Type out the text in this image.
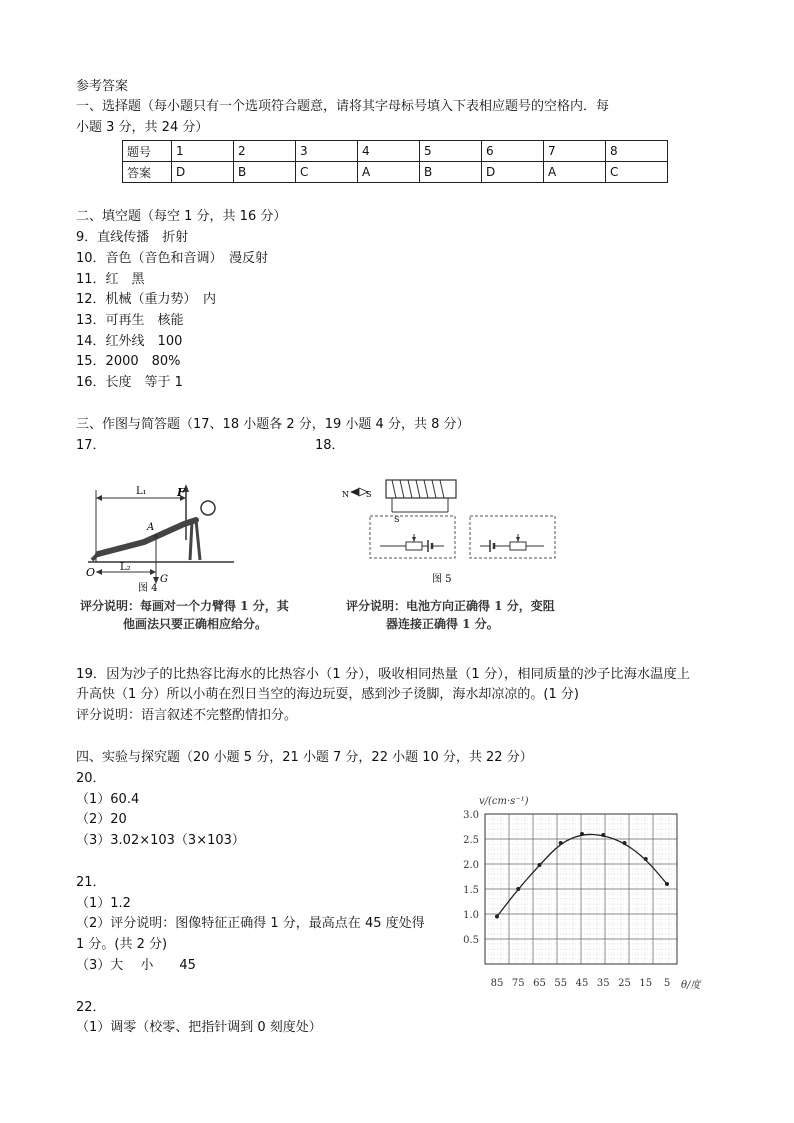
参考答案
一、选择题（每小题只有一个选项符合题意，请将其字母标号填入下表相应题号的空格内．每
小题 3 分，共 24 分）
题号	1	2	3	4	5	6	7	8
答案	D	B	C	A	B	D	A	C
二、填空题（每空 1 分，共 16 分）
9．直线传播　折射
10．音色（音色和音调）　漫反射
11．红　黑
12．机械（重力势）　内
13．可再生　核能
14．红外线　100
15．2000　80%
16．长度　等于 1
三、作图与简答题（17、18 小题各 2 分，19 小题 4 分，共 8 分）
17．	18．
L₁	F
A
G
L₂
O
图 4
评分说明：每画对一个力臂得 1 分，其
他画法只要正确相应给分。
N S
S
图 5
评分说明：电池方向正确得 1 分，变阻
器连接正确得 1 分。
19．因为沙子的比热容比海水的比热容小（1 分），吸收相同热量（1 分），相同质量的沙子比海水温度上
升高快（1 分）所以小萌在烈日当空的海边玩耍，感到沙子烫脚，海水却凉凉的。(1 分)
评分说明：语言叙述不完整酌情扣分。
四、实验与探究题（20 小题 5 分，21 小题 7 分，22 小题 10 分，共 22 分）
20．
（1）60.4
（2）20
（3）3.02×103（3×103）
21．
（1）1.2
（2）评分说明：图像特征正确得 1 分，最高点在 45 度处得
1 分。(共 2 分)
（3）大　 小　　45
22．
（1）调零（校零、把指针调到 0 刻度处）
0.5
1.0
1.5
2.0
2.5
3.0
v/(cm·s⁻¹)
θ/度
85 75 65 55 45 35 25 15 5
